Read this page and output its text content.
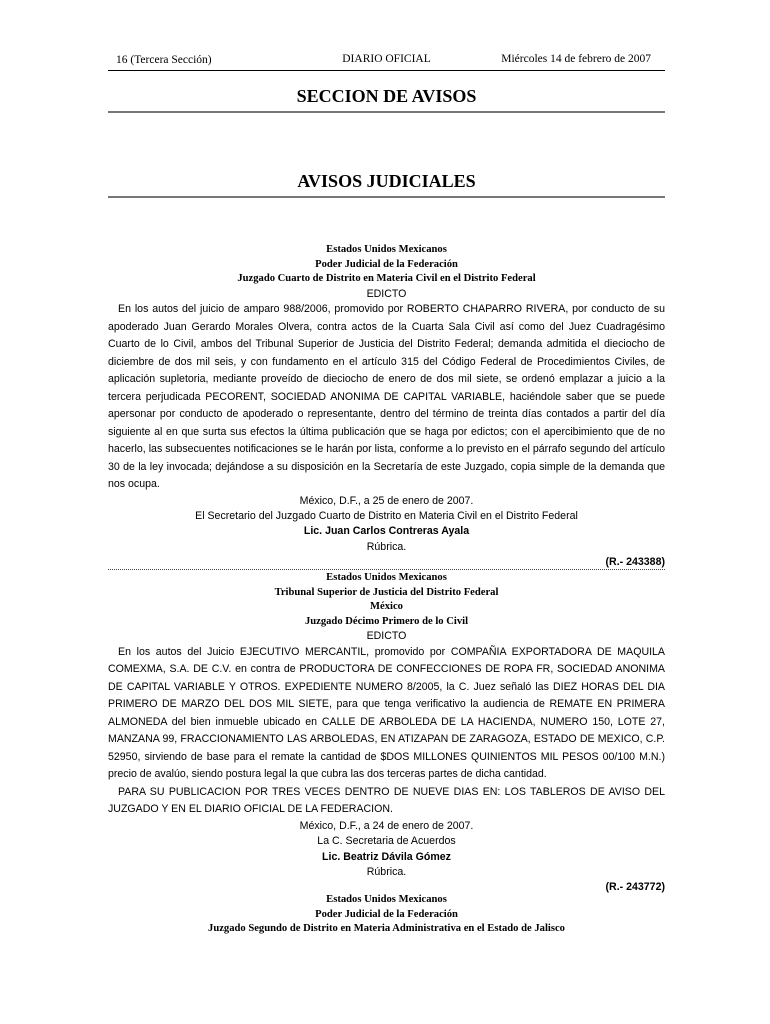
16
(Tercera Sección)	DIARIO OFICIAL	Miércoles 14 de febrero de 2007
SECCION DE AVISOS
AVISOS JUDICIALES
Estados Unidos Mexicanos
Poder Judicial de la Federación
Juzgado Cuarto de Distrito en Materia Civil en el Distrito Federal
EDICTO

En los autos del juicio de amparo 988/2006, promovido por ROBERTO CHAPARRO RIVERA, por conducto de su apoderado Juan Gerardo Morales Olvera, contra actos de la Cuarta Sala Civil así como del Juez Cuadragésimo Cuarto de lo Civil, ambos del Tribunal Superior de Justicia del Distrito Federal; demanda admitida el dieciocho de diciembre de dos mil seis, y con fundamento en el artículo 315 del Código Federal de Procedimientos Civiles, de aplicación supletoria, mediante proveído de dieciocho de enero de dos mil siete, se ordenó emplazar a juicio a la tercera perjudicada PECORENT, SOCIEDAD ANONIMA DE CAPITAL VARIABLE, haciéndole saber que se puede apersonar por conducto de apoderado o representante, dentro del término de treinta días contados a partir del día siguiente al en que surta sus efectos la última publicación que se haga por edictos; con el apercibimiento que de no hacerlo, las subsecuentes notificaciones se le harán por lista, conforme a lo previsto en el párrafo segundo del artículo 30 de la ley invocada; dejándose a su disposición en la Secretaría de este Juzgado, copia simple de la demanda que nos ocupa.

México, D.F., a 25 de enero de 2007.
El Secretario del Juzgado Cuarto de Distrito en Materia Civil en el Distrito Federal
Lic. Juan Carlos Contreras Ayala
Rúbrica.
(R.- 243388)
Estados Unidos Mexicanos
Tribunal Superior de Justicia del Distrito Federal
México
Juzgado Décimo Primero de lo Civil
EDICTO

En los autos del Juicio EJECUTIVO MERCANTIL, promovido por COMPAÑIA EXPORTADORA DE MAQUILA COMEXMA, S.A. DE C.V. en contra de PRODUCTORA DE CONFECCIONES DE ROPA FR, SOCIEDAD ANONIMA DE CAPITAL VARIABLE Y OTROS. EXPEDIENTE NUMERO 8/2005, la C. Juez señaló las DIEZ HORAS DEL DIA PRIMERO DE MARZO DEL DOS MIL SIETE, para que tenga verificativo la audiencia de REMATE EN PRIMERA ALMONEDA del bien inmueble ubicado en CALLE DE ARBOLEDA DE LA HACIENDA, NUMERO 150, LOTE 27, MANZANA 99, FRACCIONAMIENTO LAS ARBOLEDAS, EN ATIZAPAN DE ZARAGOZA, ESTADO DE MEXICO, C.P. 52950, sirviendo de base para el remate la cantidad de $DOS MILLONES QUINIENTOS MIL PESOS 00/100 M.N.) precio de avalúo, siendo postura legal la que cubra las dos terceras partes de dicha cantidad.

PARA SU PUBLICACION POR TRES VECES DENTRO DE NUEVE DIAS EN: LOS TABLEROS DE AVISO DEL JUZGADO Y EN EL DIARIO OFICIAL DE LA FEDERACION.

México, D.F., a 24 de enero de 2007.
La C. Secretaria de Acuerdos
Lic. Beatriz Dávila Gómez
Rúbrica.
(R.- 243772)
Estados Unidos Mexicanos
Poder Judicial de la Federación
Juzgado Segundo de Distrito en Materia Administrativa en el Estado de Jalisco
